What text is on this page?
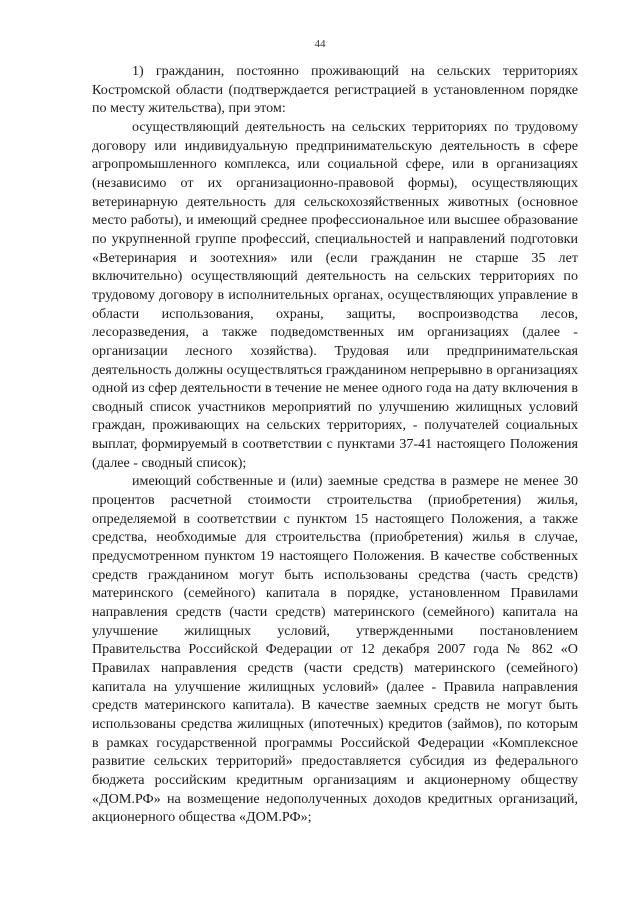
44

1) гражданин, постоянно проживающий на сельских территориях Костромской области (подтверждается регистрацией в установленном порядке по месту жительства), при этом:

осуществляющий деятельность на сельских территориях по трудовому договору или индивидуальную предпринимательскую деятельность в сфере агропромышленного комплекса, или социальной сфере, или в организациях (независимо от их организационно-правовой формы), осуществляющих ветеринарную деятельность для сельскохозяйственных животных (основное место работы), и имеющий среднее профессиональное или высшее образование по укрупненной группе профессий, специальностей и направлений подготовки «Ветеринария и зоотехния» или (если гражданин не старше 35 лет включительно) осуществляющий деятельность на сельских территориях по трудовому договору в исполнительных органах, осуществляющих управление в области использования, охраны, защиты, воспроизводства лесов, лесоразведения, а также подведомственных им организациях (далее - организации лесного хозяйства). Трудовая или предпринимательская деятельность должны осуществляться гражданином непрерывно в организациях одной из сфер деятельности в течение не менее одного года на дату включения в сводный список участников мероприятий по улучшению жилищных условий граждан, проживающих на сельских территориях, - получателей социальных выплат, формируемый в соответствии с пунктами 37-41 настоящего Положения (далее - сводный список);

имеющий собственные и (или) заемные средства в размере не менее 30 процентов расчетной стоимости строительства (приобретения) жилья, определяемой в соответствии с пунктом 15 настоящего Положения, а также средства, необходимые для строительства (приобретения) жилья в случае, предусмотренном пунктом 19 настоящего Положения. В качестве собственных средств гражданином могут быть использованы средства (часть средств) материнского (семейного) капитала в порядке, установленном Правилами направления средств (части средств) материнского (семейного) капитала на улучшение жилищных условий, утвержденными постановлением Правительства Российской Федерации от 12 декабря 2007 года № 862 «О Правилах направления средств (части средств) материнского (семейного) капитала на улучшение жилищных условий» (далее - Правила направления средств материнского капитала). В качестве заемных средств не могут быть использованы средства жилищных (ипотечных) кредитов (займов), по которым в рамках государственной программы Российской Федерации «Комплексное развитие сельских территорий» предоставляется субсидия из федерального бюджета российским кредитным организациям и акционерному обществу «ДОМ.РФ» на возмещение недополученных доходов кредитных организаций, акционерного общества «ДОМ.РФ»;
